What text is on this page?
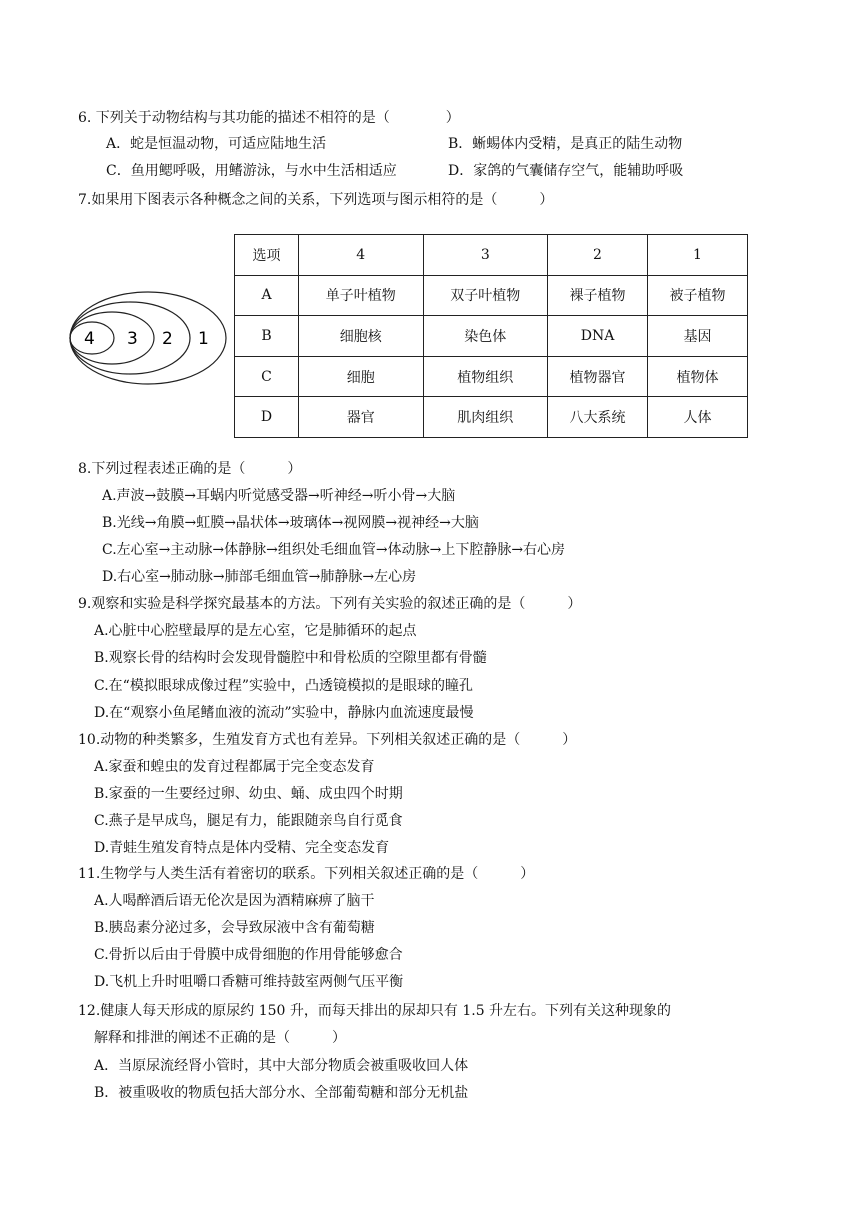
6. 下列关于动物结构与其功能的描述不相符的是（　　　　）
A．蛇是恒温动物，可适应陆地生活	B．蜥蜴体内受精，是真正的陆生动物
C．鱼用鳃呼吸，用鳍游泳，与水中生活相适应	D．家鸽的气囊储存空气，能辅助呼吸
7.如果用下图表示各种概念之间的关系，下列选项与图示相符的是（　　　）
4 3 2 1
选项	4	3	2	1
A	单子叶植物	双子叶植物	裸子植物	被子植物
B	细胞核	染色体	DNA	基因
C	细胞	植物组织	植物器官	植物体
D	器官	肌肉组织	八大系统	人体
8.下列过程表述正确的是（　　　）
A.声波→鼓膜→耳蜗内听觉感受器→听神经→听小骨→大脑
B.光线→角膜→虹膜→晶状体→玻璃体→视网膜→视神经→大脑
C.左心室→主动脉→体静脉→组织处毛细血管→体动脉→上下腔静脉→右心房
D.右心室→肺动脉→肺部毛细血管→肺静脉→左心房
9.观察和实验是科学探究最基本的方法。下列有关实验的叙述正确的是（　　　）
A.心脏中心腔壁最厚的是左心室，它是肺循环的起点
B.观察长骨的结构时会发现骨髓腔中和骨松质的空隙里都有骨髓
C.在“模拟眼球成像过程”实验中，凸透镜模拟的是眼球的瞳孔
D.在“观察小鱼尾鳍血液的流动”实验中，静脉内血流速度最慢
10.动物的种类繁多，生殖发育方式也有差异。下列相关叙述正确的是（　　　）
A.家蚕和蝗虫的发育过程都属于完全变态发育
B.家蚕的一生要经过卵、幼虫、蛹、成虫四个时期
C.燕子是早成鸟，腿足有力，能跟随亲鸟自行觅食
D.青蛙生殖发育特点是体内受精、完全变态发育
11.生物学与人类生活有着密切的联系。下列相关叙述正确的是（　　　）
A.人喝醉酒后语无伦次是因为酒精麻痹了脑干
B.胰岛素分泌过多，会导致尿液中含有葡萄糖
C.骨折以后由于骨膜中成骨细胞的作用骨能够愈合
D.飞机上升时咀嚼口香糖可维持鼓室两侧气压平衡
12.健康人每天形成的原尿约 150 升，而每天排出的尿却只有 1.5 升左右。下列有关这种现象的
解释和排泄的阐述不正确的是（　　　）
A．当原尿流经肾小管时，其中大部分物质会被重吸收回人体
B．被重吸收的物质包括大部分水、全部葡萄糖和部分无机盐
